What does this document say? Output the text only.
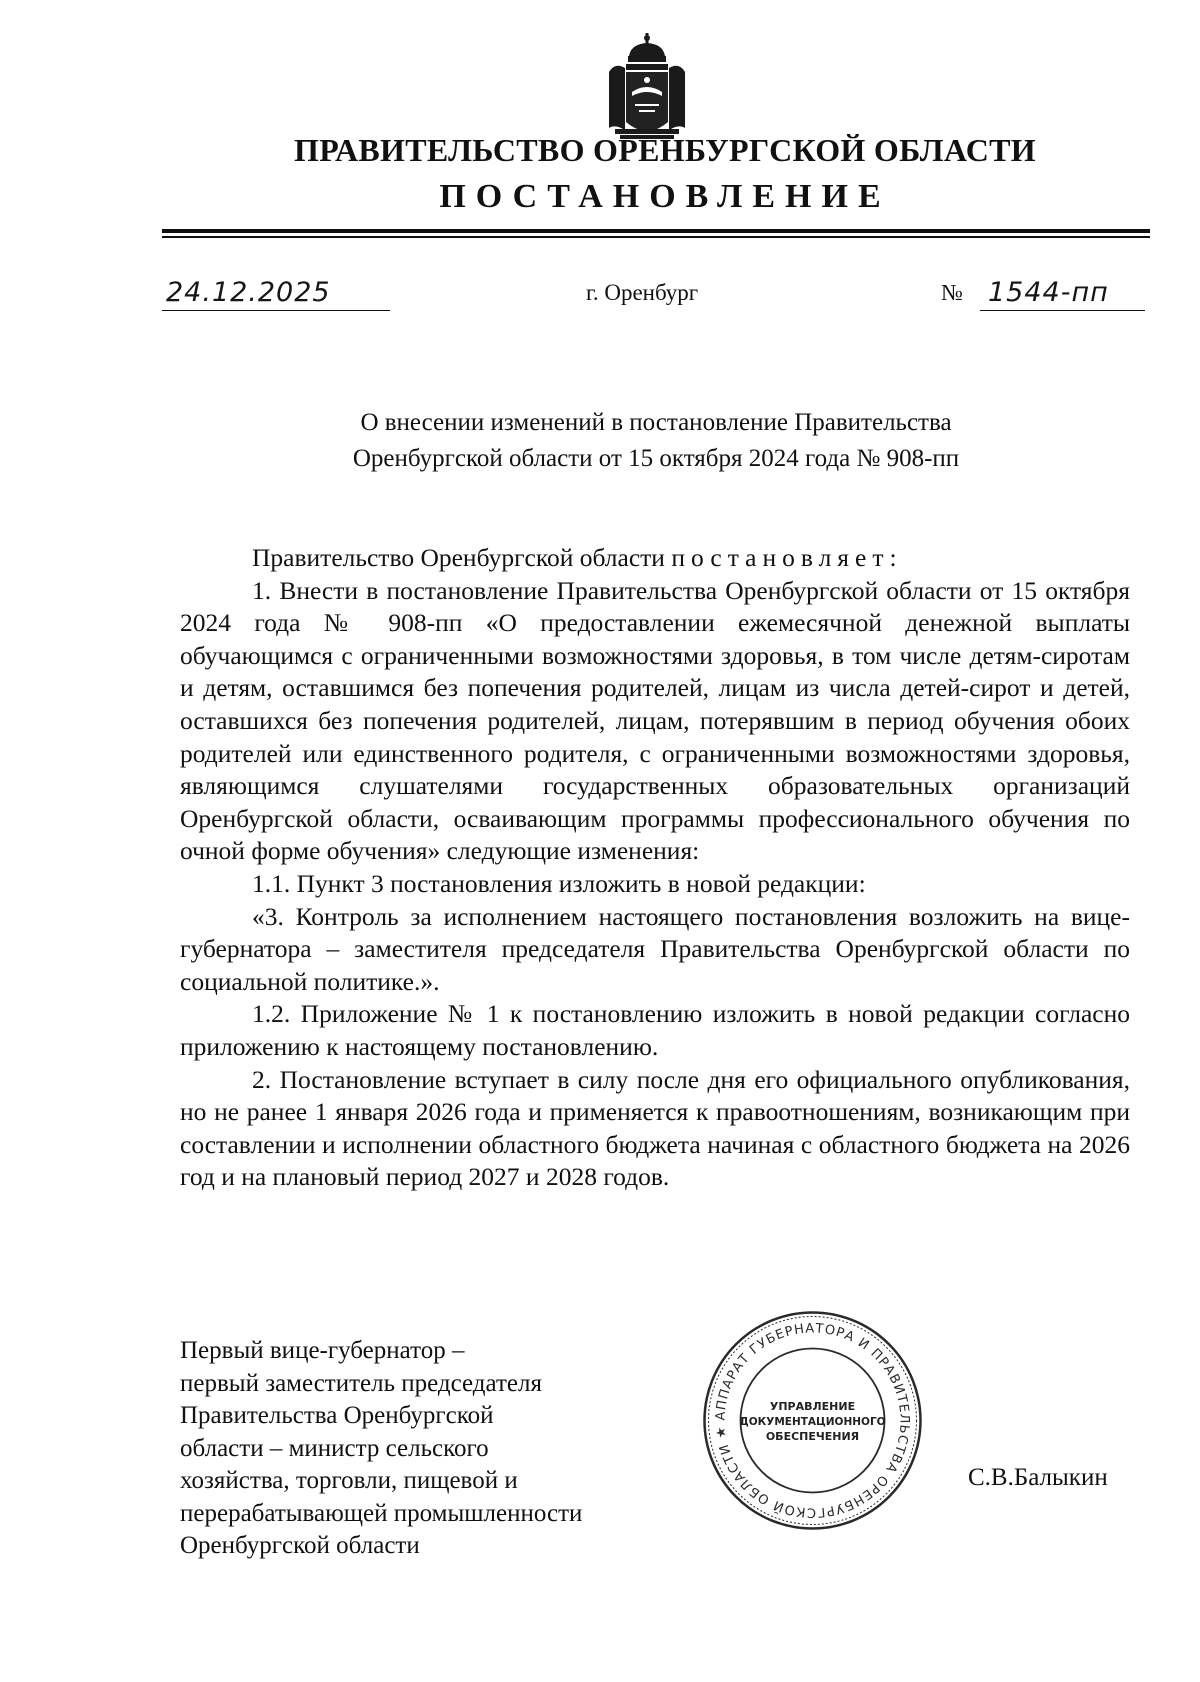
ПРАВИТЕЛЬСТВО ОРЕНБУРГСКОЙ ОБЛАСТИ
ПОСТАНОВЛЕНИЕ
24.12.2025	г. Оренбург	№ 1544-пп
О внесении изменений в постановление Правительства
Оренбургской области от 15 октября 2024 года № 908-пп

Правительство Оренбургской области постановляет:

1. Внести в постановление Правительства Оренбургской области от 15 октября 2024 года № 908-пп «О предоставлении ежемесячной денежной выплаты обучающимся с ограниченными возможностями здоровья, в том числе детям-сиротам и детям, оставшимся без попечения родителей, лицам из числа детей-сирот и детей, оставшихся без попечения родителей, лицам, потерявшим в период обучения обоих родителей или единственного родителя, с ограниченными возможностями здоровья, являющимся слушателями государственных образовательных организаций Оренбургской области, осваивающим программы профессионального обучения по очной форме обучения» следующие изменения:

1.1. Пункт 3 постановления изложить в новой редакции:

«3. Контроль за исполнением настоящего постановления возложить на вице-губернатора – заместителя председателя Правительства Оренбургской области по социальной политике.».

1.2. Приложение № 1 к постановлению изложить в новой редакции согласно приложению к настоящему постановлению.

2. Постановление вступает в силу после дня его официального опубликования, но не ранее 1 января 2026 года и применяется к правоотношениям, возникающим при составлении и исполнении областного бюджета начиная с областного бюджета на 2026 год и на плановый период 2027 и 2028 годов.

Первый вице-губернатор –
первый заместитель председателя
Правительства Оренбургской
области – министр сельского
хозяйства, торговли, пищевой и
перерабатывающей промышленности
Оренбургской области
АППАРАТ ГУБЕРНАТОРА И ПРАВИТЕЛЬСТВА ОРЕНБУРГСКОЙ ОБЛАСТИ ★
УПРАВЛЕНИЕ
ДОКУМЕНТАЦИОННОГО
ОБЕСПЕЧЕНИЯ
С.В.Балыкин
